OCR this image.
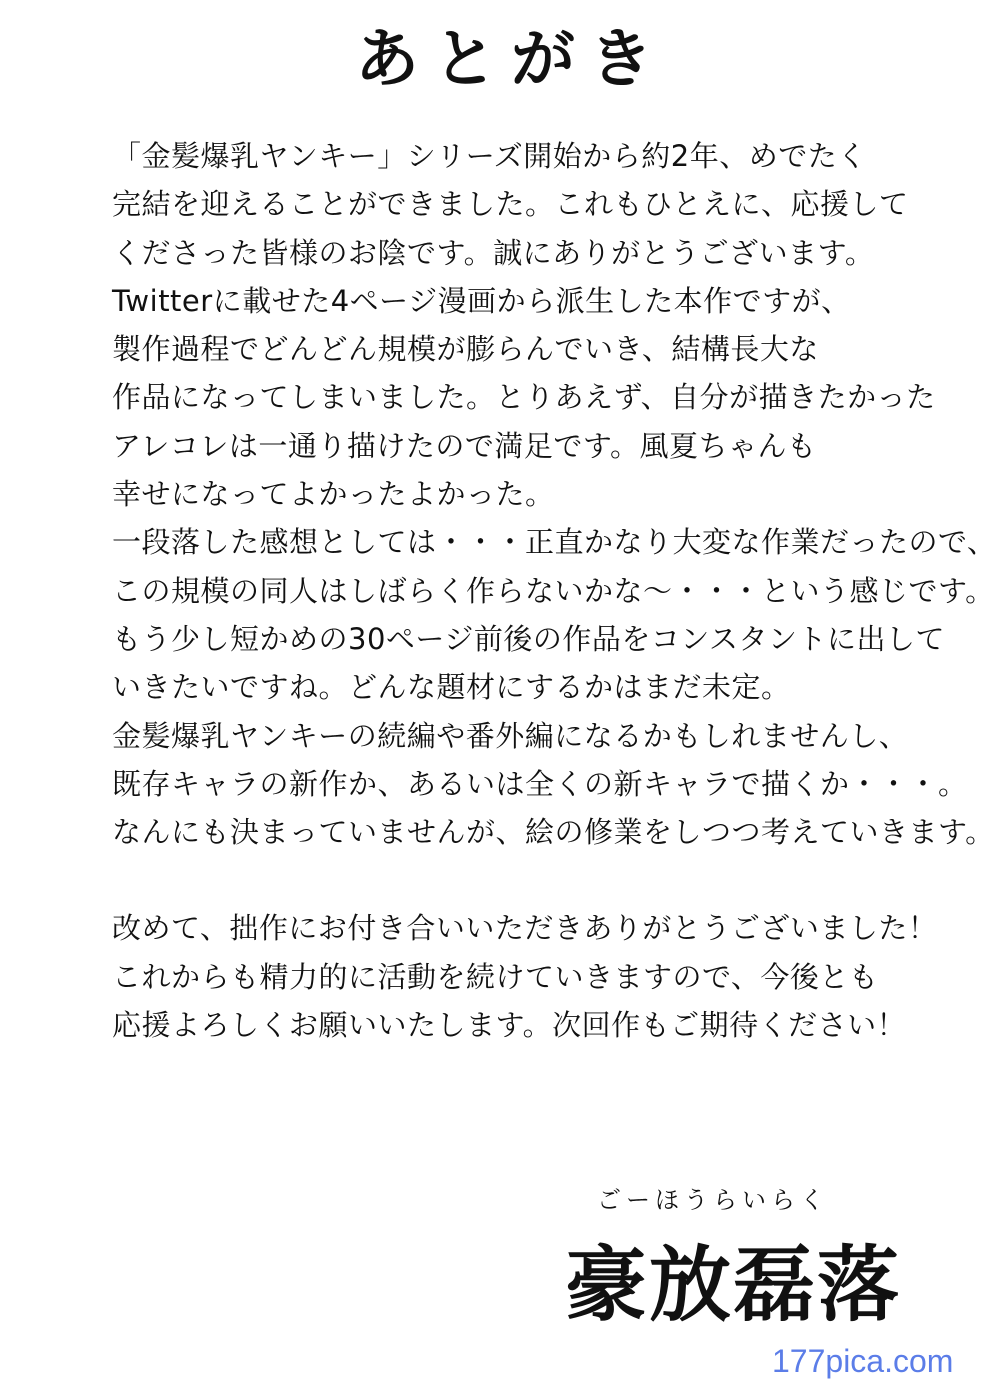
あとがき
「金髪爆乳ヤンキー」シリーズ開始から約2年、めでたく
完結を迎えることができました。これもひとえに、応援して
くださった皆様のお陰です。誠にありがとうございます。
Twitterに載せた4ページ漫画から派生した本作ですが、
製作過程でどんどん規模が膨らんでいき、結構長大な
作品になってしまいました。とりあえず、自分が描きたかった
アレコレは一通り描けたので満足です。風夏ちゃんも
幸せになってよかったよかった。
一段落した感想としては・・・正直かなり大変な作業だったので、
この規模の同人はしばらく作らないかな～・・・という感じです。
もう少し短かめの30ページ前後の作品をコンスタントに出して
いきたいですね。どんな題材にするかはまだ未定。
金髪爆乳ヤンキーの続編や番外編になるかもしれませんし、
既存キャラの新作か、あるいは全くの新キャラで描くか・・・。
なんにも決まっていませんが、絵の修業をしつつ考えていきます。
改めて、拙作にお付き合いいただきありがとうございました！
これからも精力的に活動を続けていきますので、今後とも
応援よろしくお願いいたします。次回作もご期待ください！
ごーほうらいらく
豪放磊落
177pica.com
